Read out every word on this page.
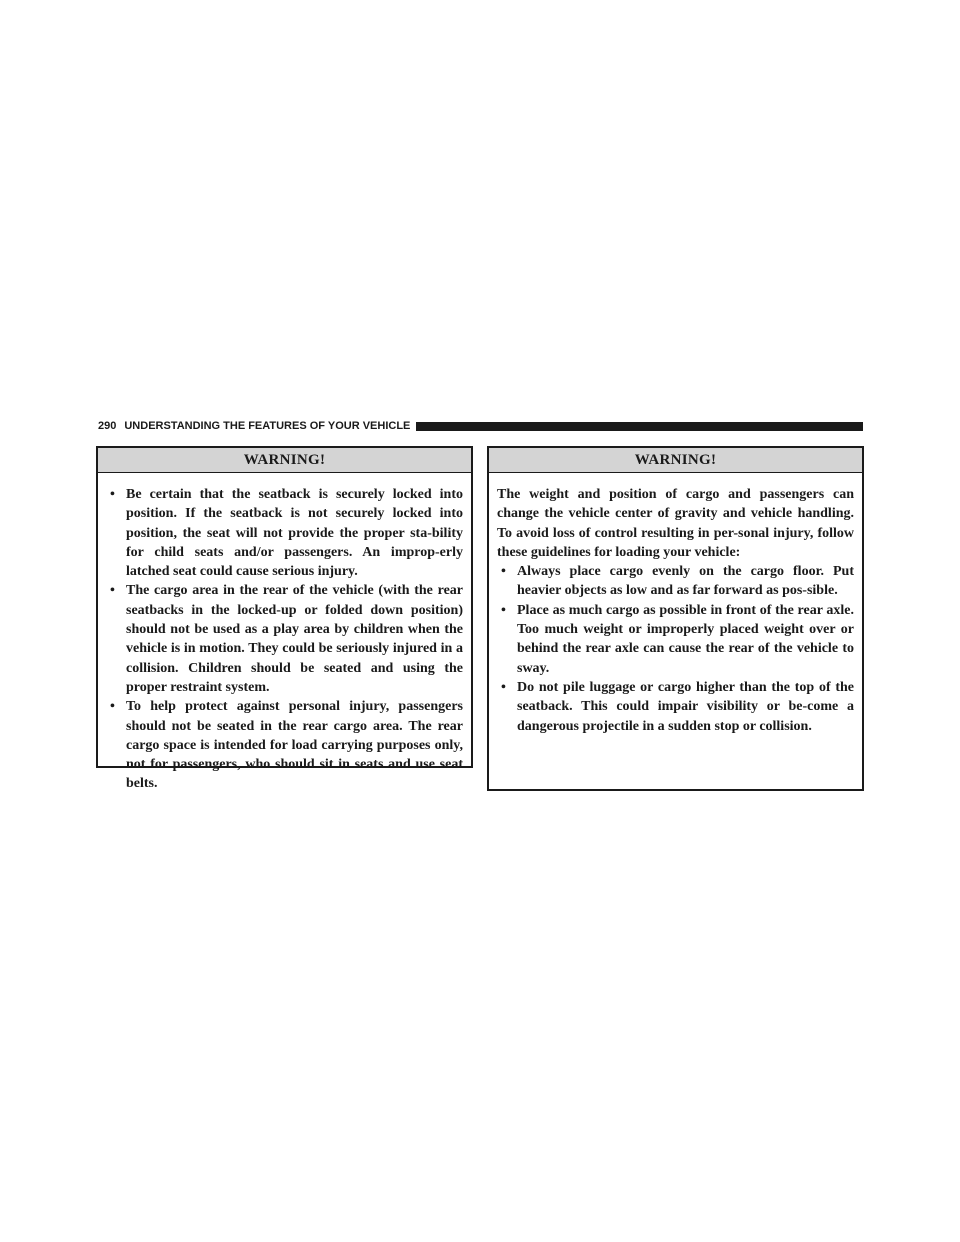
290 UNDERSTANDING THE FEATURES OF YOUR VEHICLE
WARNING!
• Be certain that the seatback is securely locked into position. If the seatback is not securely locked into position, the seat will not provide the proper sta-bility for child seats and/or passengers. An improp-erly latched seat could cause serious injury.
• The cargo area in the rear of the vehicle (with the rear seatbacks in the locked-up or folded down position) should not be used as a play area by children when the vehicle is in motion. They could be seriously injured in a collision. Children should be seated and using the proper restraint system.
• To help protect against personal injury, passengers should not be seated in the rear cargo area. The rear cargo space is intended for load carrying purposes only, not for passengers, who should sit in seats and use seat belts.
WARNING!

The weight and position of cargo and passengers can change the vehicle center of gravity and vehicle handling. To avoid loss of control resulting in per-sonal injury, follow these guidelines for loading your vehicle:

• Always place cargo evenly on the cargo floor. Put heavier objects as low and as far forward as pos-sible.
• Place as much cargo as possible in front of the rear axle. Too much weight or improperly placed weight over or behind the rear axle can cause the rear of the vehicle to sway.
• Do not pile luggage or cargo higher than the top of the seatback. This could impair visibility or be-come a dangerous projectile in a sudden stop or collision.
